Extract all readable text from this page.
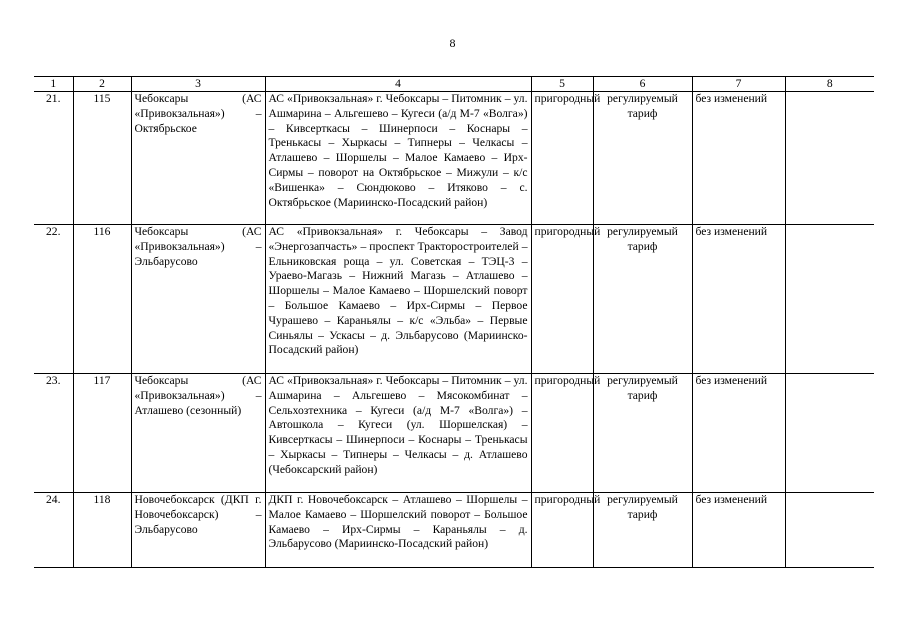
8
1	2	3	4	5	6	7	8
21.	115	Чебоксары (АС «Привокзальная») – Октябрьское	АС «Привокзальная» г. Чебоксары – Питомник – ул. Ашмарина – Альгешево – Кугеси (а/д М-7 «Волга») – Кивсерткасы – Шинерпоси – Коснары – Тренькасы – Хыркасы – Типнеры – Челкасы – Атлашево – Шоршелы – Малое Камаево – Ирх-Сирмы – поворот на Октябрьское – Мижули – к/с «Вишенка» – Сюндюково – Итяково – с. Октябрьское (Мариинско-Посадский район)	пригородный	регулируемый тариф	без изменений	
22.	116	Чебоксары (АС «Привокзальная») – Эльбарусово	АС «Привокзальная» г. Чебоксары – Завод «Энергозапчасть» – проспект Тракторостроителей – Ельниковская роща – ул. Советская – ТЭЦ-3 – Ураево-Магазь – Нижний Магазь – Атлашево – Шоршелы – Малое Камаево – Шоршелский поворт – Большое Камаево – Ирх-Сирмы – Первое Чурашево – Караньялы – к/с «Эльба» – Первые Синьялы – Ускасы – д. Эльбарусово (Мариинско-Посадский район)	пригородный	регулируемый тариф	без изменений	
23.	117	Чебоксары (АС «Привокзальная») – Атлашево (сезонный)	АС «Привокзальная» г. Чебоксары – Питомник – ул. Ашмарина – Альгешево – Мясокомбинат – Сельхозтехника – Кугеси (а/д М-7 «Волга») – Автошкола – Кугеси (ул. Шоршелская) – Кивсерткасы – Шинерпоси – Коснары – Тренькасы – Хыркасы – Типнеры – Челкасы – д. Атлашево (Чебоксарский район)	пригородный	регулируемый тариф	без изменений	
24.	118	Новочебоксарск (ДКП г. Новочебоксарск) – Эльбарусово	ДКП г. Новочебоксарск – Атлашево – Шоршелы – Малое Камаево – Шоршелский поворот – Большое Камаево – Ирх-Сирмы – Караньялы – д. Эльбарусово (Мариинско-Посадский район)	пригородный	регулируемый тариф	без изменений	
